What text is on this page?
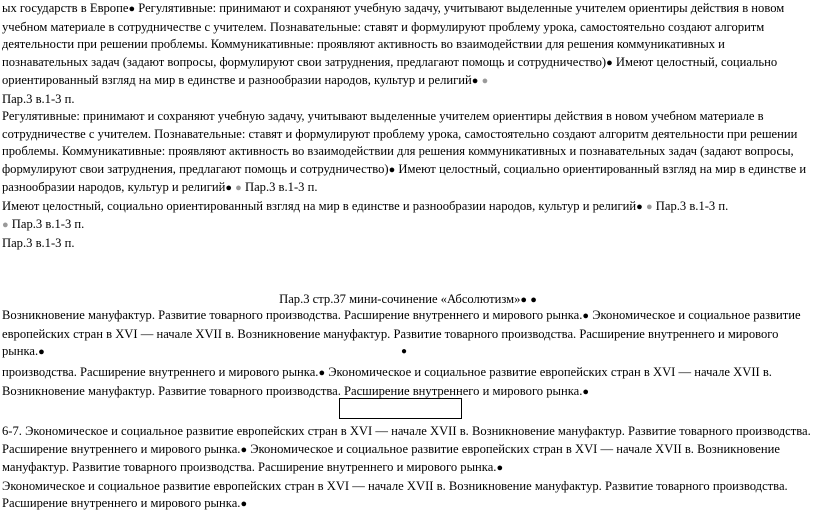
ых государств в Европе● Регулятивные: принимают и сохраняют учебную задачу, учитывают выделенные учителем ориентиры действия в новом учебном материале в сотрудничестве с учителем. Познавательные: ставят и формулируют проблему урока, самостоятельно создают алгоритм деятельности при решении проблемы. Коммуникативные: проявляют активность во взаимодействии для решения коммуникативных и познавательных задач (задают вопросы, формулируют свои затруднения, предлагают помощь и сотрудничество)● Имеют целостный, социально ориентированный взгляд на мир в единстве и разнообразии народов, культур и религий● ●

Пар.3 в.1-3 п.

Регулятивные: принимают и сохраняют учебную задачу, учитывают выделенные учителем ориентиры действия в новом учебном материале в сотрудничестве с учителем. Познавательные: ставят и формулируют проблему урока, самостоятельно создают алгоритм деятельности при решении проблемы. Коммуникативные: проявляют активность во взаимодействии для решения коммуникативных и познавательных задач (задают вопросы, формулируют свои затруднения, предлагают помощь и сотрудничество)● Имеют целостный, социально ориентированный взгляд на мир в единстве и разнообразии народов, культур и религий● ● Пар.3 в.1-3 п.

Имеют целостный, социально ориентированный взгляд на мир в единстве и разнообразии народов, культур и религий● ● Пар.3 в.1-3 п.

● Пар.3 в.1-3 п.

Пар.3 в.1-3 п.

Пар.3 стр.37 мини-сочинение «Абсолютизм»● ●

Возникновение мануфактур. Развитие товарного производства. Расширение внутреннего и мирового рынка.● Экономическое и социальное развитие европейских стран в XVI — начале XVII в. Возникновение мануфактур. Развитие товарного производства. Расширение внутреннего и мирового рынка.●	●

производства. Расширение внутреннего и мирового рынка.● Экономическое и социальное развитие европейских стран в XVI — начале XVII в. Возникновение мануфактур. Развитие товарного производства. Расширение внутреннего и мирового рынка.●

6-7. Экономическое и социальное развитие европейских стран в XVI — начале XVII в. Возникновение мануфактур. Развитие товарного производства. Расширение внутреннего и мирового рынка.● Экономическое и социальное развитие европейских стран в XVI — начале XVII в. Возникновение мануфактур. Развитие товарного производства. Расширение внутреннего и мирового рынка.●

Экономическое и социальное развитие европейских стран в XVI — начале XVII в. Возникновение мануфактур. Развитие товарного производства. Расширение внутреннего и мирового рынка.●
